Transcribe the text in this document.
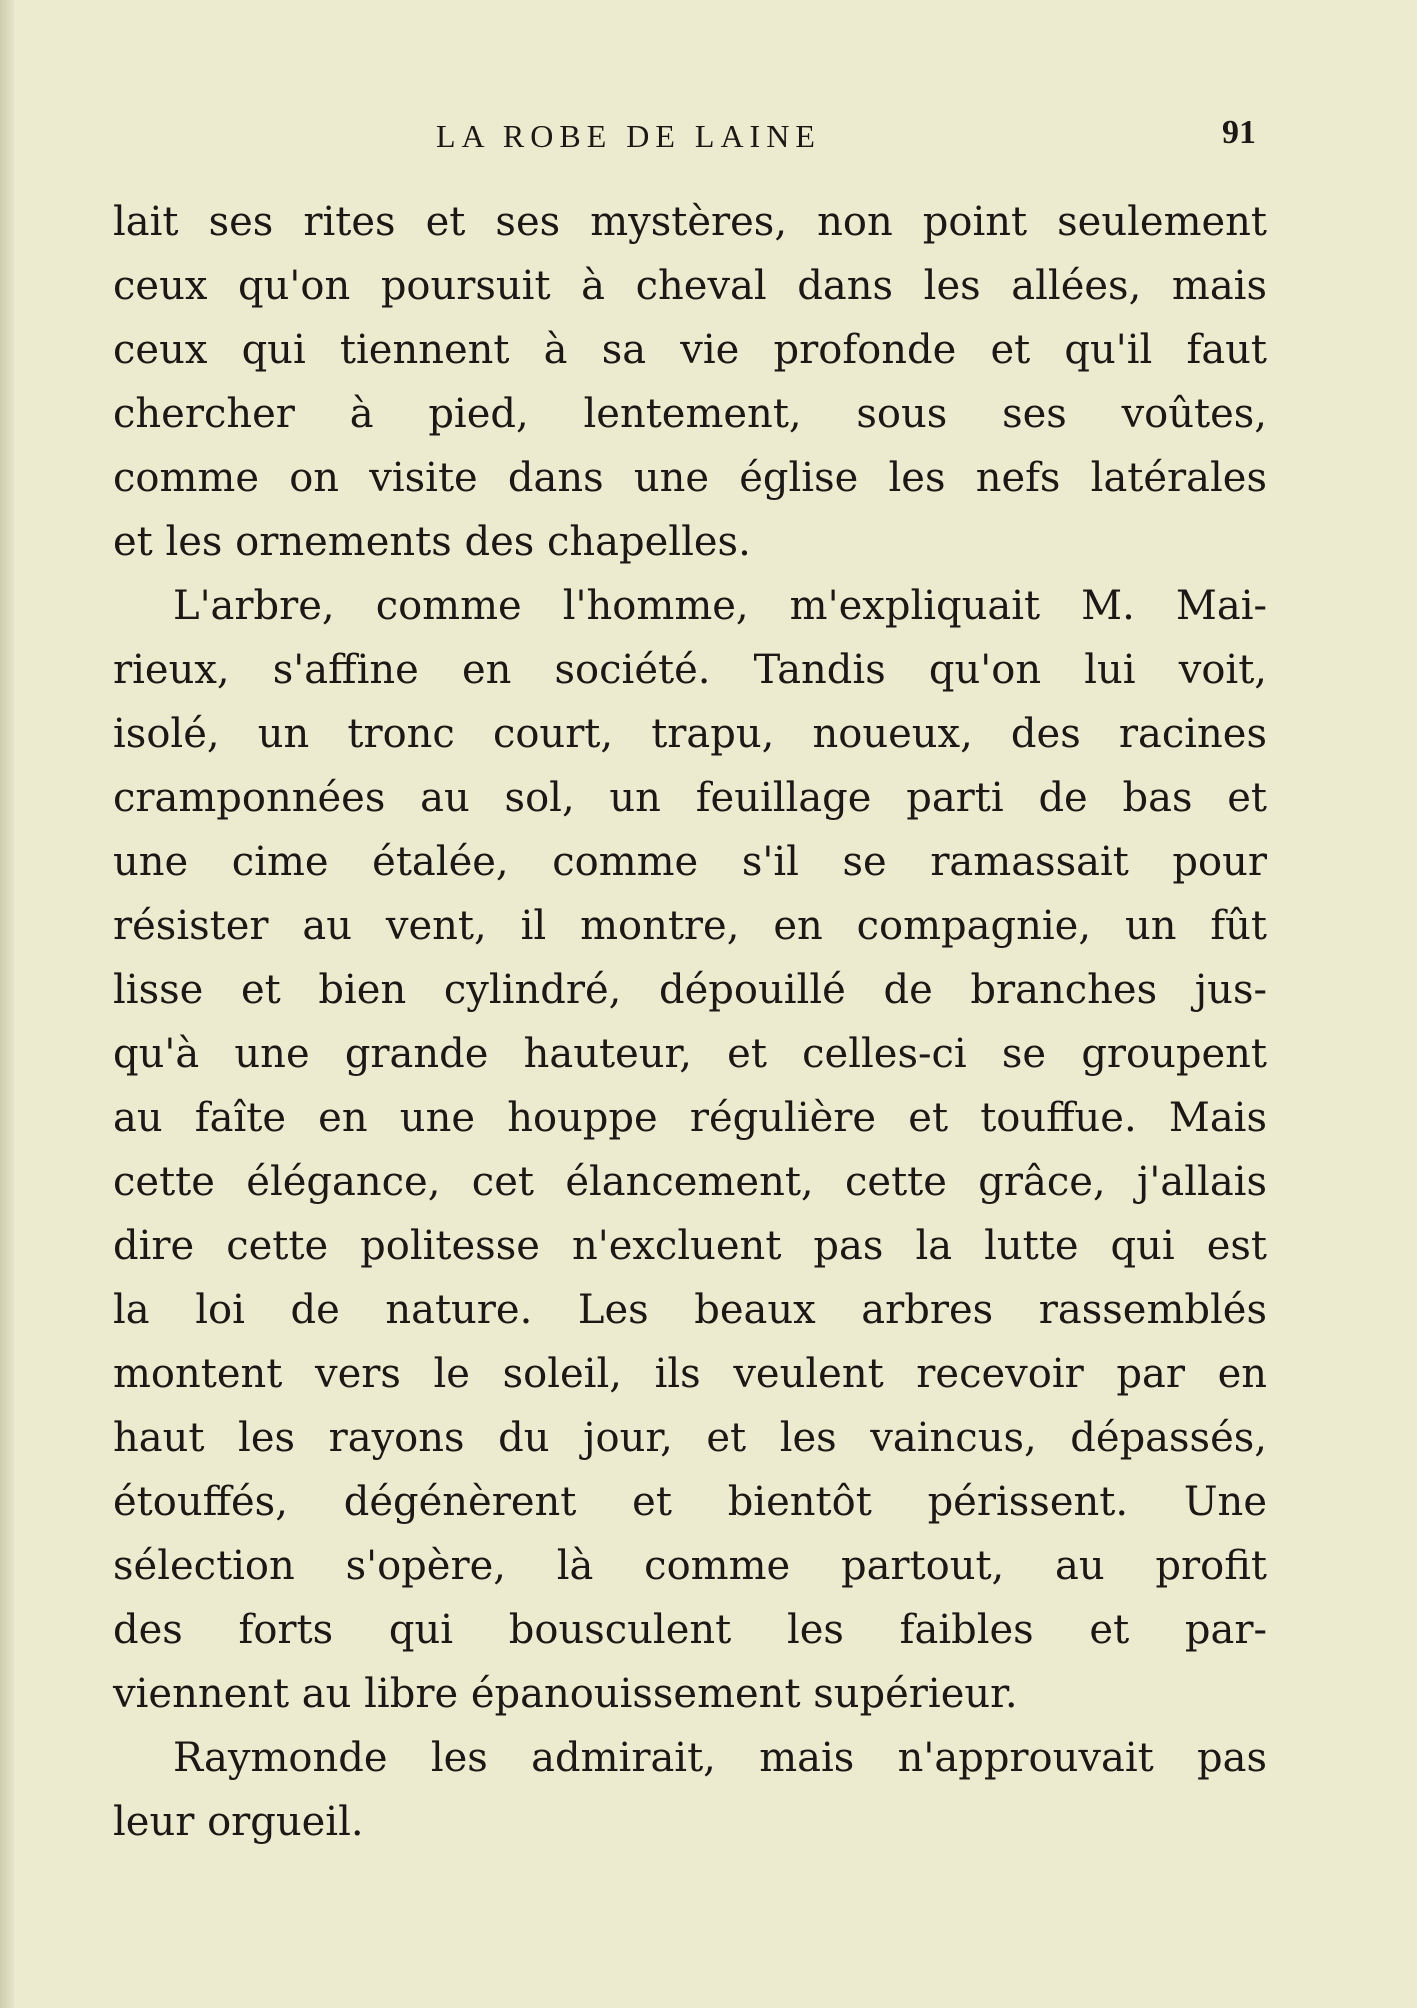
LA ROBE DE LAINE	91
lait ses rites et ses mystères, non point seulement
ceux qu'on poursuit à cheval dans les allées, mais
ceux qui tiennent à sa vie profonde et qu'il faut
chercher à pied, lentement, sous ses voûtes,
comme on visite dans une église les nefs latérales
et les ornements des chapelles.
L'arbre, comme l'homme, m'expliquait M. Mai-
rieux, s'affine en société. Tandis qu'on lui voit,
isolé, un tronc court, trapu, noueux, des racines
cramponnées au sol, un feuillage parti de bas et
une cime étalée, comme s'il se ramassait pour
résister au vent, il montre, en compagnie, un fût
lisse et bien cylindré, dépouillé de branches jus-
qu'à une grande hauteur, et celles-ci se groupent
au faîte en une houppe régulière et touffue. Mais
cette élégance, cet élancement, cette grâce, j'allais
dire cette politesse n'excluent pas la lutte qui est
la loi de nature. Les beaux arbres rassemblés
montent vers le soleil, ils veulent recevoir par en
haut les rayons du jour, et les vaincus, dépassés,
étouffés, dégénèrent et bientôt périssent. Une
sélection s'opère, là comme partout, au profit
des forts qui bousculent les faibles et par-
viennent au libre épanouissement supérieur.
Raymonde les admirait, mais n'approuvait pas
leur orgueil.
